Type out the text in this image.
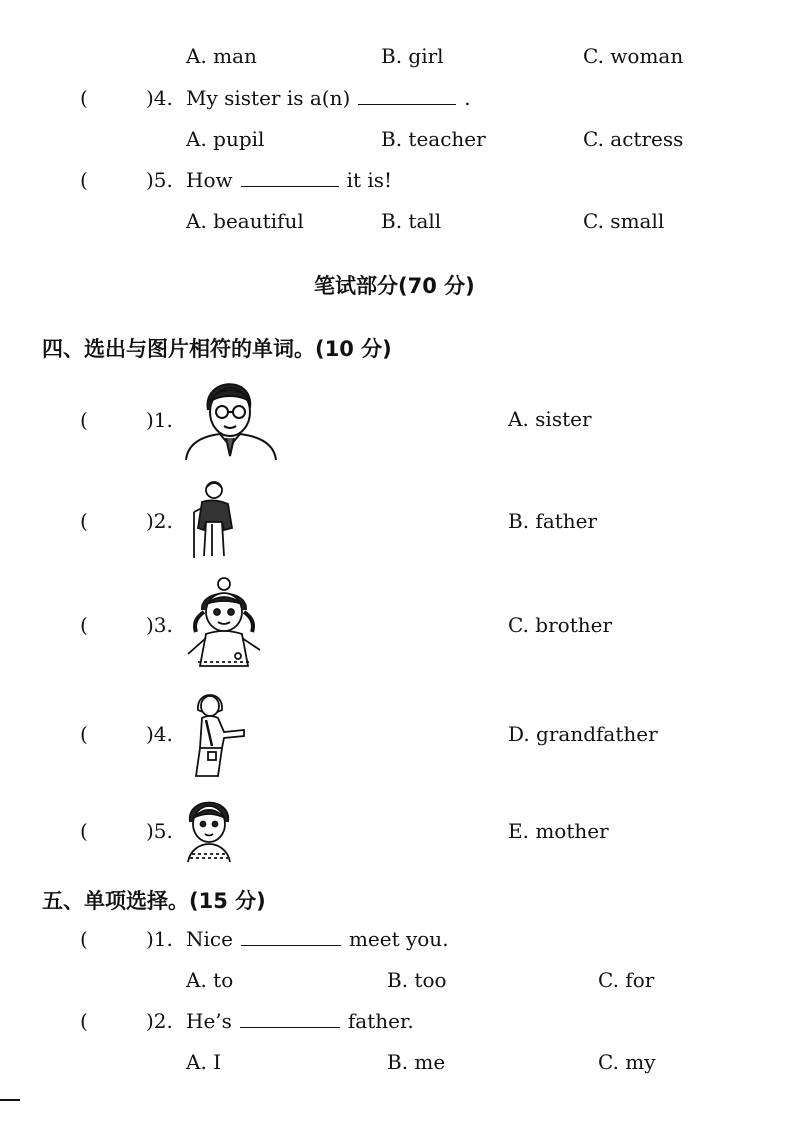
A. man	B. girl	C. woman
(	)4. My sister is a(n)	.
A. pupil	B. teacher	C. actress
(	)5. How	it is!
A. beautiful	B. tall	C. small
笔试部分(70 分)
四、选出与图片相符的单词。(10 分)
(	)1.	A. sister
(	)2.	B. father
(	)3.	C. brother
(	)4.	D. grandfather
(	)5.	E. mother
五、单项选择。(15 分)
(	)1. Nice	meet you.
A. to	B. too	C. for
(	)2. He’s	father.
A. I	B. me	C. my
